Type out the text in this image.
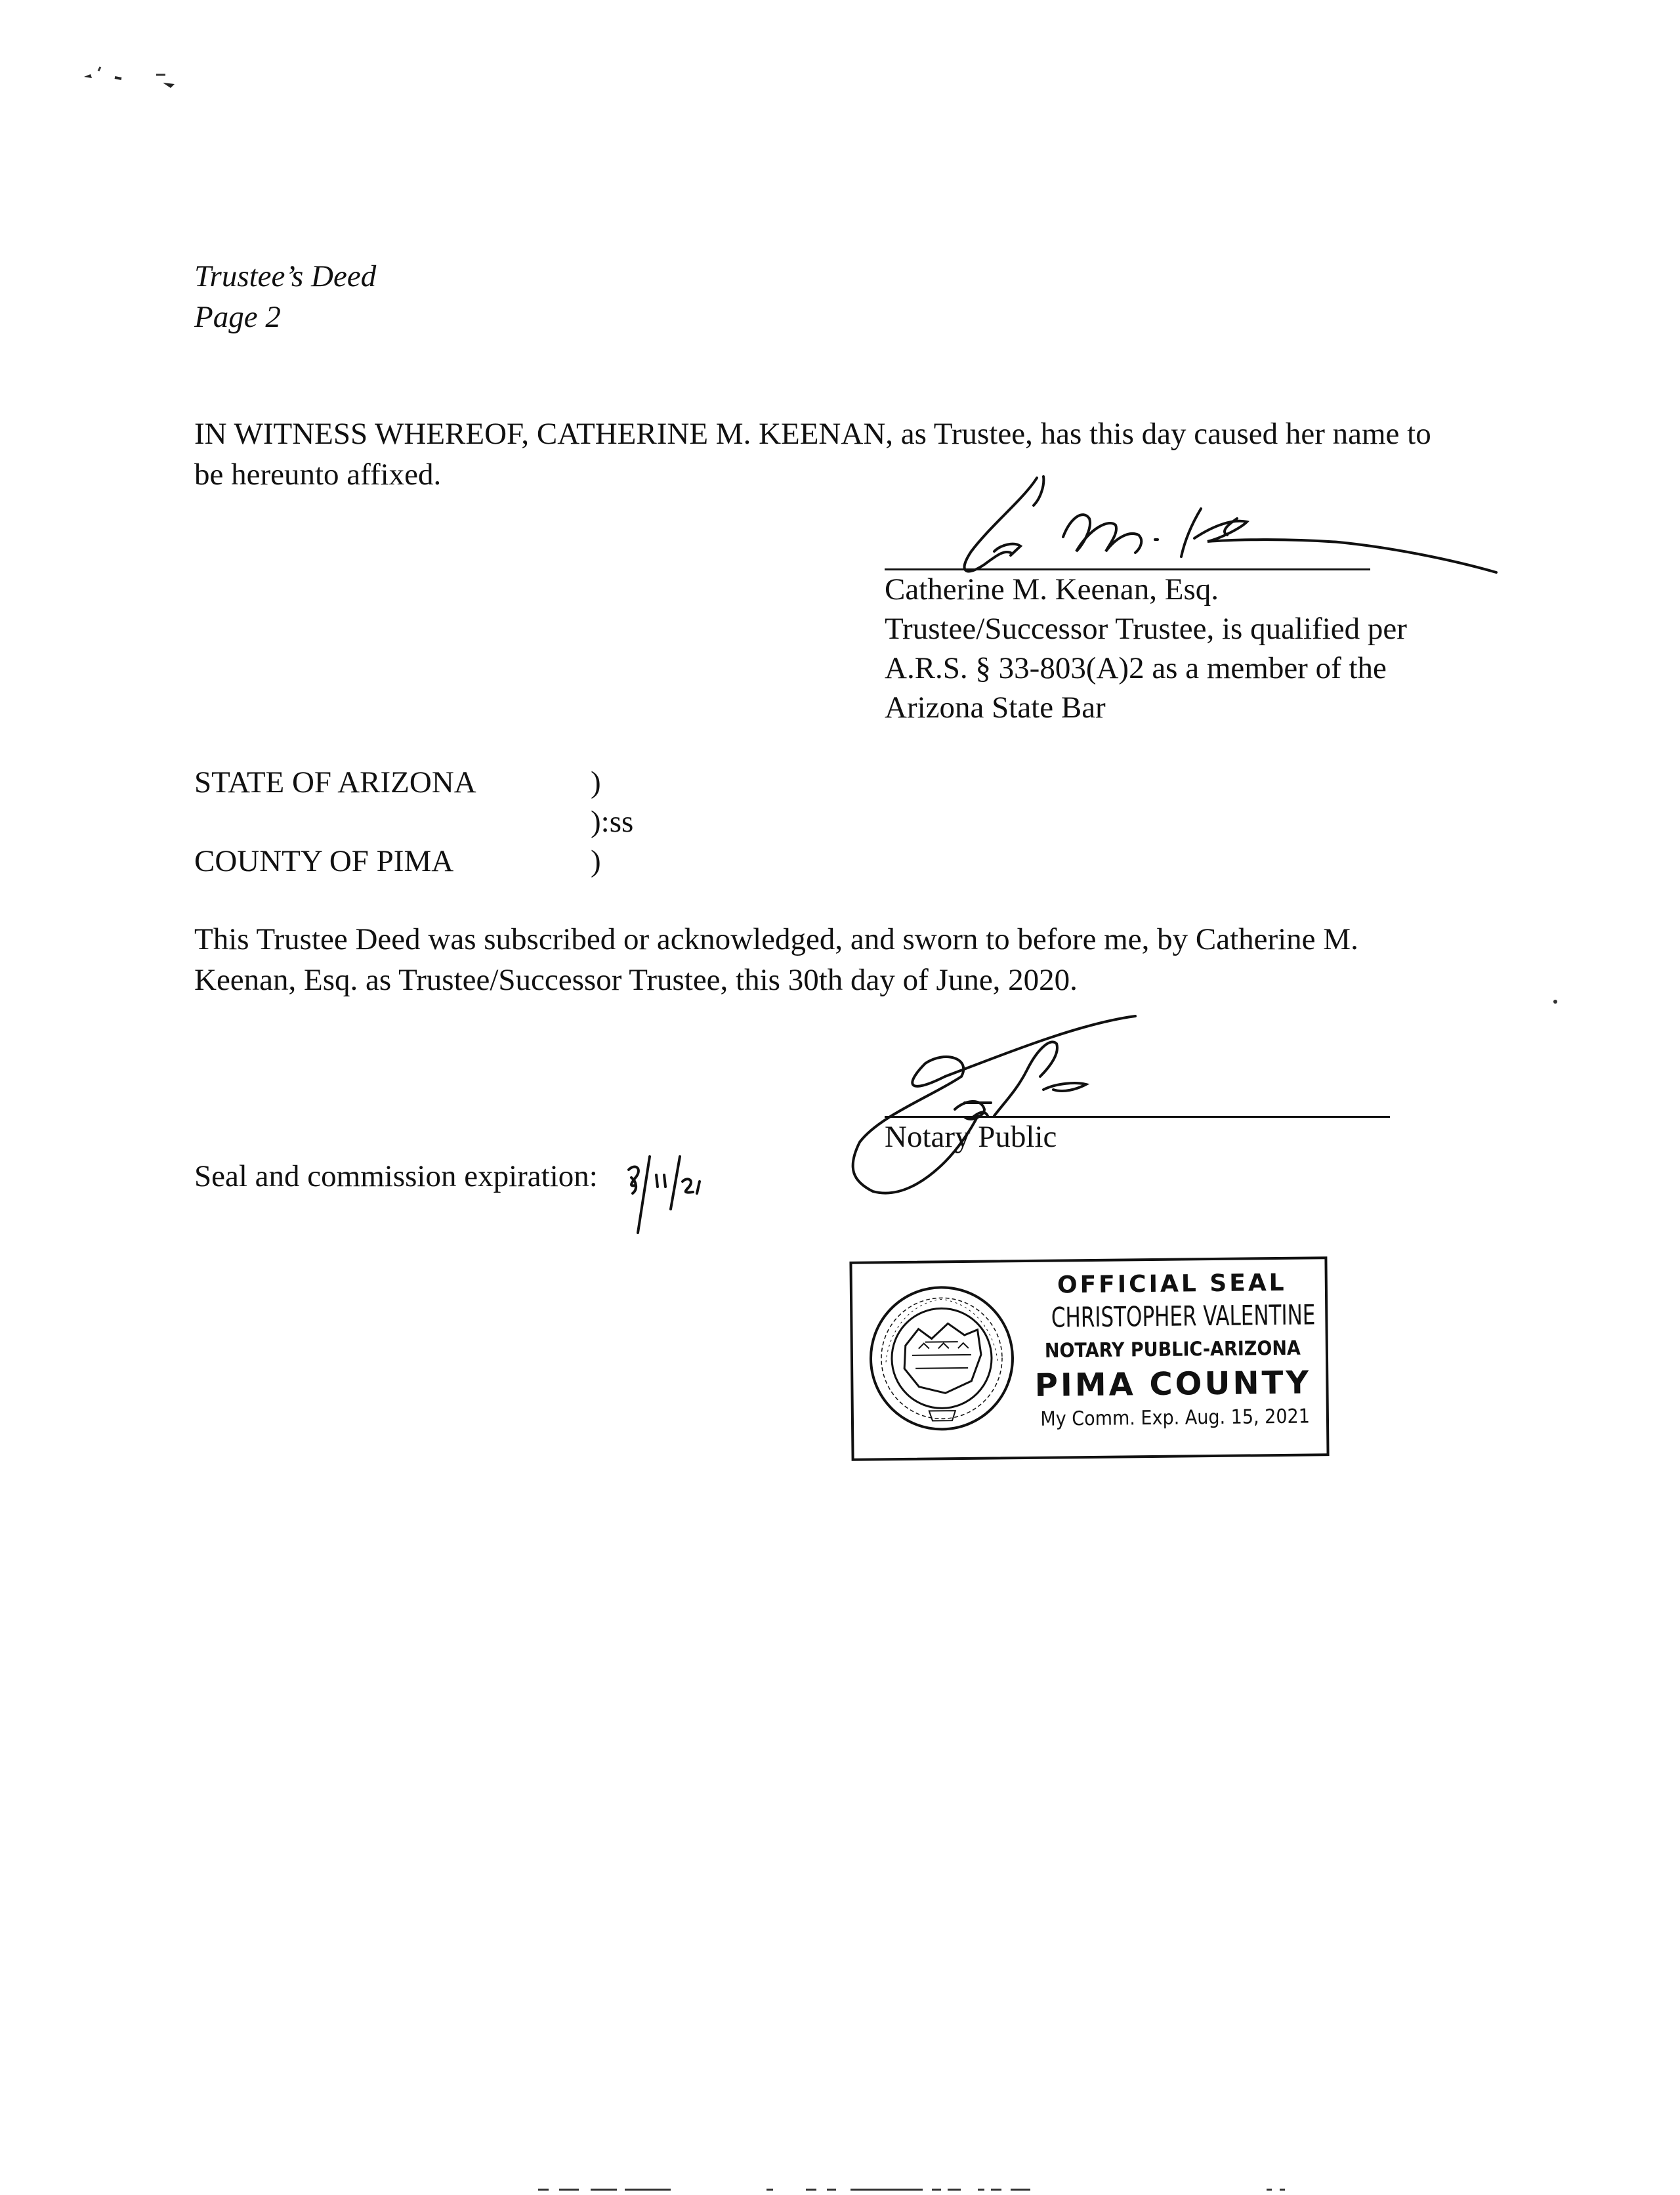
Trustee’s Deed
Page 2
IN WITNESS WHEREOF, CATHERINE M. KEENAN, as Trustee, has this day caused her name to be hereunto affixed.
Catherine M. Keenan, Esq.
Trustee/Successor Trustee, is qualified per
A.R.S. § 33-803(A)2 as a member of the
Arizona State Bar
STATE OF ARIZONA
COUNTY OF PIMA
)
):ss
)
This Trustee Deed was subscribed or acknowledged, and sworn to before me, by Catherine M. Keenan, Esq. as Trustee/Successor Trustee, this 30th day of June, 2020.
Notary Public
Seal and commission expiration:
OFFICIAL SEAL
CHRISTOPHER VALENTINE
NOTARY PUBLIC-ARIZONA
PIMA COUNTY
My Comm. Exp. Aug. 15, 2021
